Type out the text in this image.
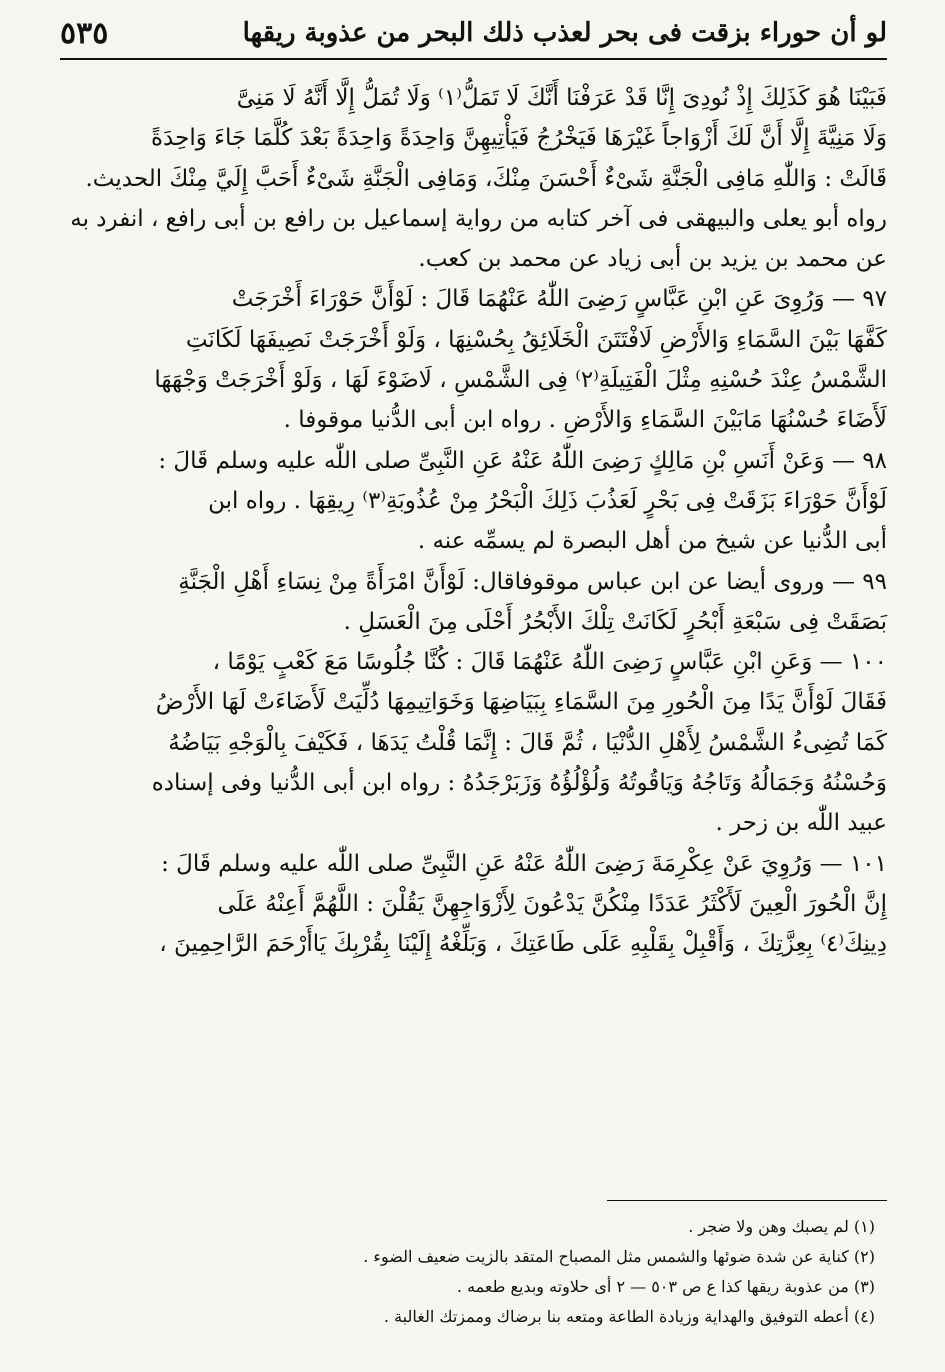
لو أن حوراء بزقت فى بحر لعذب ذلك البحر من عذوبة ريقها
٥٣٥

فَبَيْنَا هُوَ كَذَلِكَ إِذْ نُودِىَ إِنَّا قَدْ عَرَفْنَا أَنَّكَ لَا تَمَلُّ⁽١⁾ وَلَا تُمَلُّ إِلَّا أَنَّهُ لَا مَنِىَّ

وَلَا مَنِيَّةَ إِلَّا أَنَّ لَكَ أَزْوَاجاً غَيْرَهَا فَيَخْرُجُ فَيَأْتِيهِنَّ وَاحِدَةً وَاحِدَةً بَعْدَ كُلَّمَا جَاءَ وَاحِدَةً

قَالَتْ : وَاللّٰهِ مَافِى الْجَنَّةِ شَىْءٌ أَحْسَنَ مِنْكَ، وَمَافِى الْجَنَّةِ شَىْءٌ أَحَبَّ إِلَيَّ مِنْكَ الحديث.

رواه أبو يعلى والبيهقى فى آخر كتابه من رواية إسماعيل بن رافع بن أبى رافع ، انفرد به

عن محمد بن يزيد بن أبى زياد عن محمد بن كعب.

٩٧ — وَرُوِىَ عَنِ ابْنِ عَبَّاسٍ رَضِىَ اللّٰهُ عَنْهُمَا قَالَ : لَوْأَنَّ حَوْرَاءَ أَخْرَجَتْ

كَفَّهَا بَيْنَ السَّمَاءِ وَالأَرْضِ لَافْتَتَنَ الْخَلَائِقُ بِحُسْنِهَا ، وَلَوْ أَخْرَجَتْ نَصِيفَهَا لَكَانَتِ

الشَّمْسُ عِنْدَ حُسْنِهِ مِثْلَ الْفَتِيلَةِ⁽٢⁾ فِى الشَّمْسِ ، لَاضَوْءَ لَهَا ، وَلَوْ أَخْرَجَتْ وَجْهَهَا

لَأَضَاءَ حُسْنُهَا مَابَيْنَ السَّمَاءِ وَالأَرْضِ . رواه ابن أبى الدُّنيا موقوفا .

٩٨ — وَعَنْ أَنَسِ بْنِ مَالِكٍ رَضِىَ اللّٰهُ عَنْهُ عَنِ النَّبِىِّ صلى اللّٰه عليه وسلم قَالَ :

لَوْأَنَّ حَوْرَاءَ بَزَقَتْ فِى بَحْرٍ لَعَذُبَ ذَلِكَ الْبَحْرُ مِنْ عُذُوبَةِ⁽٣⁾ رِيقِهَا . رواه ابن

أبى الدُّنيا عن شيخ من أهل البصرة لم يسمِّه عنه .

٩٩ — وروى أيضا عن ابن عباس موقوفاقال: لَوْأَنَّ امْرَأَةً مِنْ نِسَاءِ أَهْلِ الْجَنَّةِ

بَصَقَتْ فِى سَبْعَةِ أَبْحُرٍ لَكَانَتْ تِلْكَ الأَبْحُرُ أَحْلَى مِنَ الْعَسَلِ .

١٠٠ — وَعَنِ ابْنِ عَبَّاسٍ رَضِىَ اللّٰهُ عَنْهُمَا قَالَ : كُنَّا جُلُوسًا مَعَ كَعْبٍ يَوْمًا ،

فَقَالَ لَوْأَنَّ يَدًا مِنَ الْحُورِ مِنَ السَّمَاءِ بِبَيَاضِهَا وَخَوَاتِيمِهَا دُلِّيَتْ لَأَضَاءَتْ لَهَا الأَرْضُ

كَمَا تُضِىءُ الشَّمْسُ لِأَهْلِ الدُّنْيَا ، ثُمَّ قَالَ : إِنَّمَا قُلْتُ يَدَهَا ، فَكَيْفَ بِالْوَجْهِ بَيَاضُهُ

وَحُسْنُهُ وَجَمَالُهُ وَتَاجُهُ وَيَاقُوتُهُ وَلُؤْلُؤُهُ وَزَبَرْجَدُهُ : رواه ابن أبى الدُّنيا وفى إسناده

عبيد اللّٰه بن زحر .

١٠١ — وَرُوِيَ عَنْ عِكْرِمَةَ رَضِىَ اللّٰهُ عَنْهُ عَنِ النَّبِىِّ صلى اللّٰه عليه وسلم قَالَ :

إِنَّ الْحُورَ الْعِينَ لَأَكْثَرُ عَدَدًا مِنْكُنَّ يَدْعُونَ لِأَزْوَاجِهِنَّ يَقُلْنَ : اللَّهُمَّ أَعِنْهُ عَلَى

دِينِكَ⁽٤⁾ بِعِزَّتِكَ ، وَأَقْبِلْ بِقَلْبِهِ عَلَى طَاعَتِكَ ، وَبَلِّغْهُ إِلَيْنَا بِقُرْبِكَ يَاأَرْحَمَ الرَّاحِمِينَ ،

(١) لم يصبك وهن ولا ضجر .

(٢) كناية عن شدة ضوئها والشمس مثل المصباح المتقد بالزيت ضعيف الضوء .

(٣) من عذوبة ريقها كذا ع ص ٥٠٣ — ٢ أى حلاوته وبديع طعمه .

(٤) أعطه التوفيق والهداية وزيادة الطاعة ومتعه بنا برضاك وممزتك الغالبة .
